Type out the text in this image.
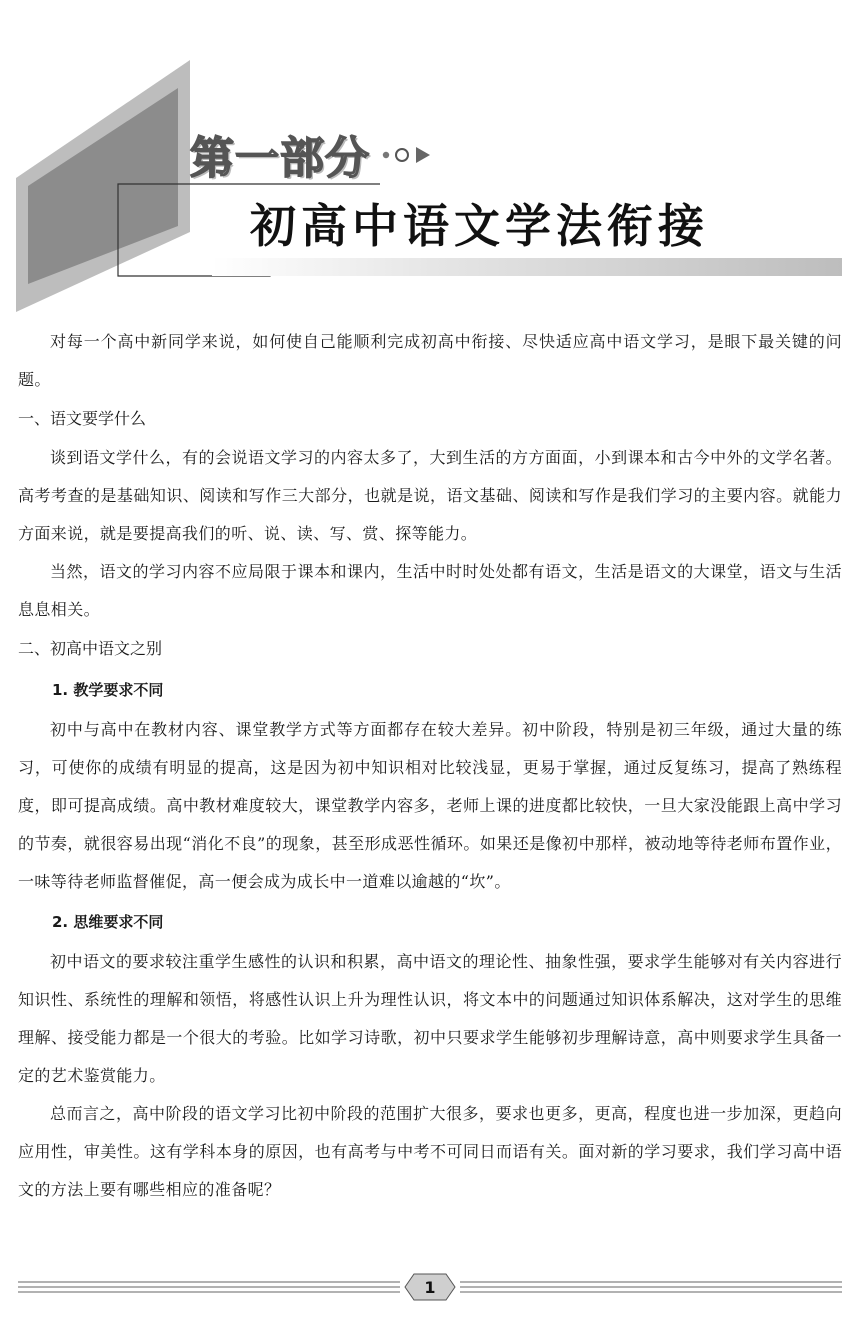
第一部分
初高中语文学法衔接

对每一个高中新同学来说，如何使自己能顺利完成初高中衔接、尽快适应高中语文学习，是眼下最关键的问题。

一、语文要学什么

谈到语文学什么，有的会说语文学习的内容太多了，大到生活的方方面面，小到课本和古今中外的文学名著。高考考查的是基础知识、阅读和写作三大部分，也就是说，语文基础、阅读和写作是我们学习的主要内容。就能力方面来说，就是要提高我们的听、说、读、写、赏、探等能力。

当然，语文的学习内容不应局限于课本和课内，生活中时时处处都有语文，生活是语文的大课堂，语文与生活息息相关。

二、初高中语文之别
1. 教学要求不同

初中与高中在教材内容、课堂教学方式等方面都存在较大差异。初中阶段，特别是初三年级，通过大量的练习，可使你的成绩有明显的提高，这是因为初中知识相对比较浅显，更易于掌握，通过反复练习，提高了熟练程度，即可提高成绩。高中教材难度较大，课堂教学内容多，老师上课的进度都比较快，一旦大家没能跟上高中学习的节奏，就很容易出现“消化不良”的现象，甚至形成恶性循环。如果还是像初中那样，被动地等待老师布置作业，一味等待老师监督催促，高一便会成为成长中一道难以逾越的“坎”。

2. 思维要求不同

初中语文的要求较注重学生感性的认识和积累，高中语文的理论性、抽象性强，要求学生能够对有关内容进行知识性、系统性的理解和领悟，将感性认识上升为理性认识，将文本中的问题通过知识体系解决，这对学生的思维理解、接受能力都是一个很大的考验。比如学习诗歌，初中只要求学生能够初步理解诗意，高中则要求学生具备一定的艺术鉴赏能力。

总而言之，高中阶段的语文学习比初中阶段的范围扩大很多，要求也更多，更高，程度也进一步加深，更趋向应用性，审美性。这有学科本身的原因，也有高考与中考不可同日而语有关。面对新的学习要求，我们学习高中语文的方法上要有哪些相应的准备呢？

1
